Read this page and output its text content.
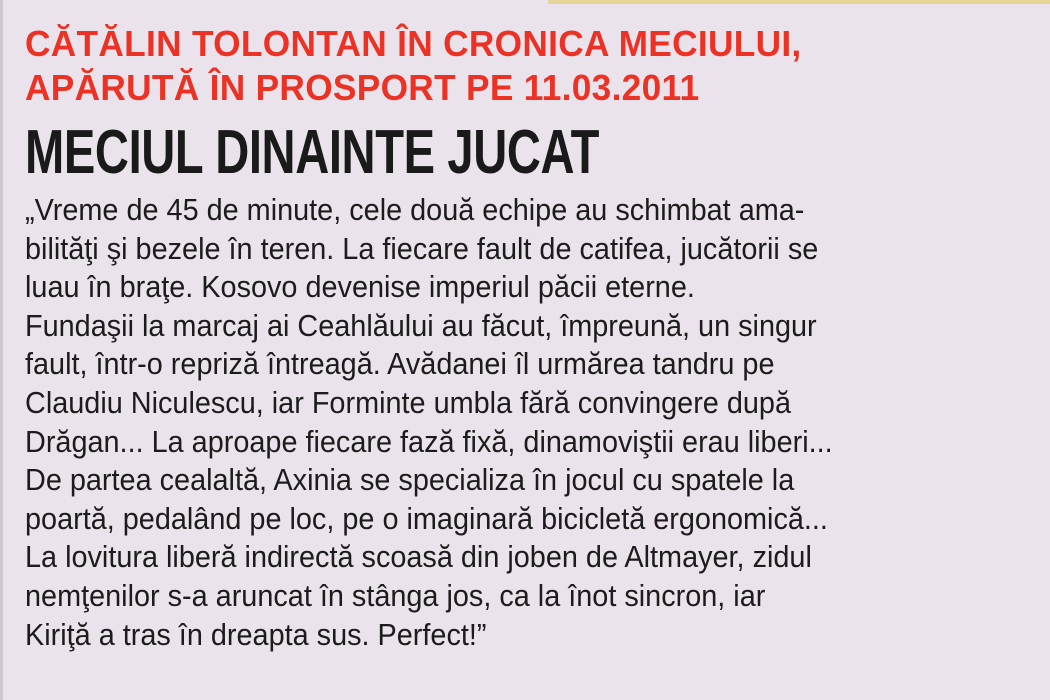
CĂTĂLIN TOLONTAN ÎN CRONICA MECIULUI,
APĂRUTĂ ÎN PROSPORT PE 11.03.2011
MECIUL DINAINTE JUCAT
„Vreme de 45 de minute, cele două echipe au schimbat ama-
bilităţi şi bezele în teren. La fiecare fault de catifea, jucătorii se
luau în braţe. Kosovo devenise imperiul păcii eterne.
Fundaşii la marcaj ai Ceahlăului au făcut, împreună, un singur
fault, într-o repriză întreagă. Avădanei îl urmărea tandru pe
Claudiu Niculescu, iar Forminte umbla fără convingere după
Drăgan... La aproape fiecare fază fixă, dinamoviştii erau liberi...
De partea cealaltă, Axinia se specializa în jocul cu spatele la
poartă, pedalând pe loc, pe o imaginară bicicletă ergonomică...
La lovitura liberă indirectă scoasă din joben de Altmayer, zidul
nemţenilor s-a aruncat în stânga jos, ca la înot sincron, iar
Kiriţă a tras în dreapta sus. Perfect!”
